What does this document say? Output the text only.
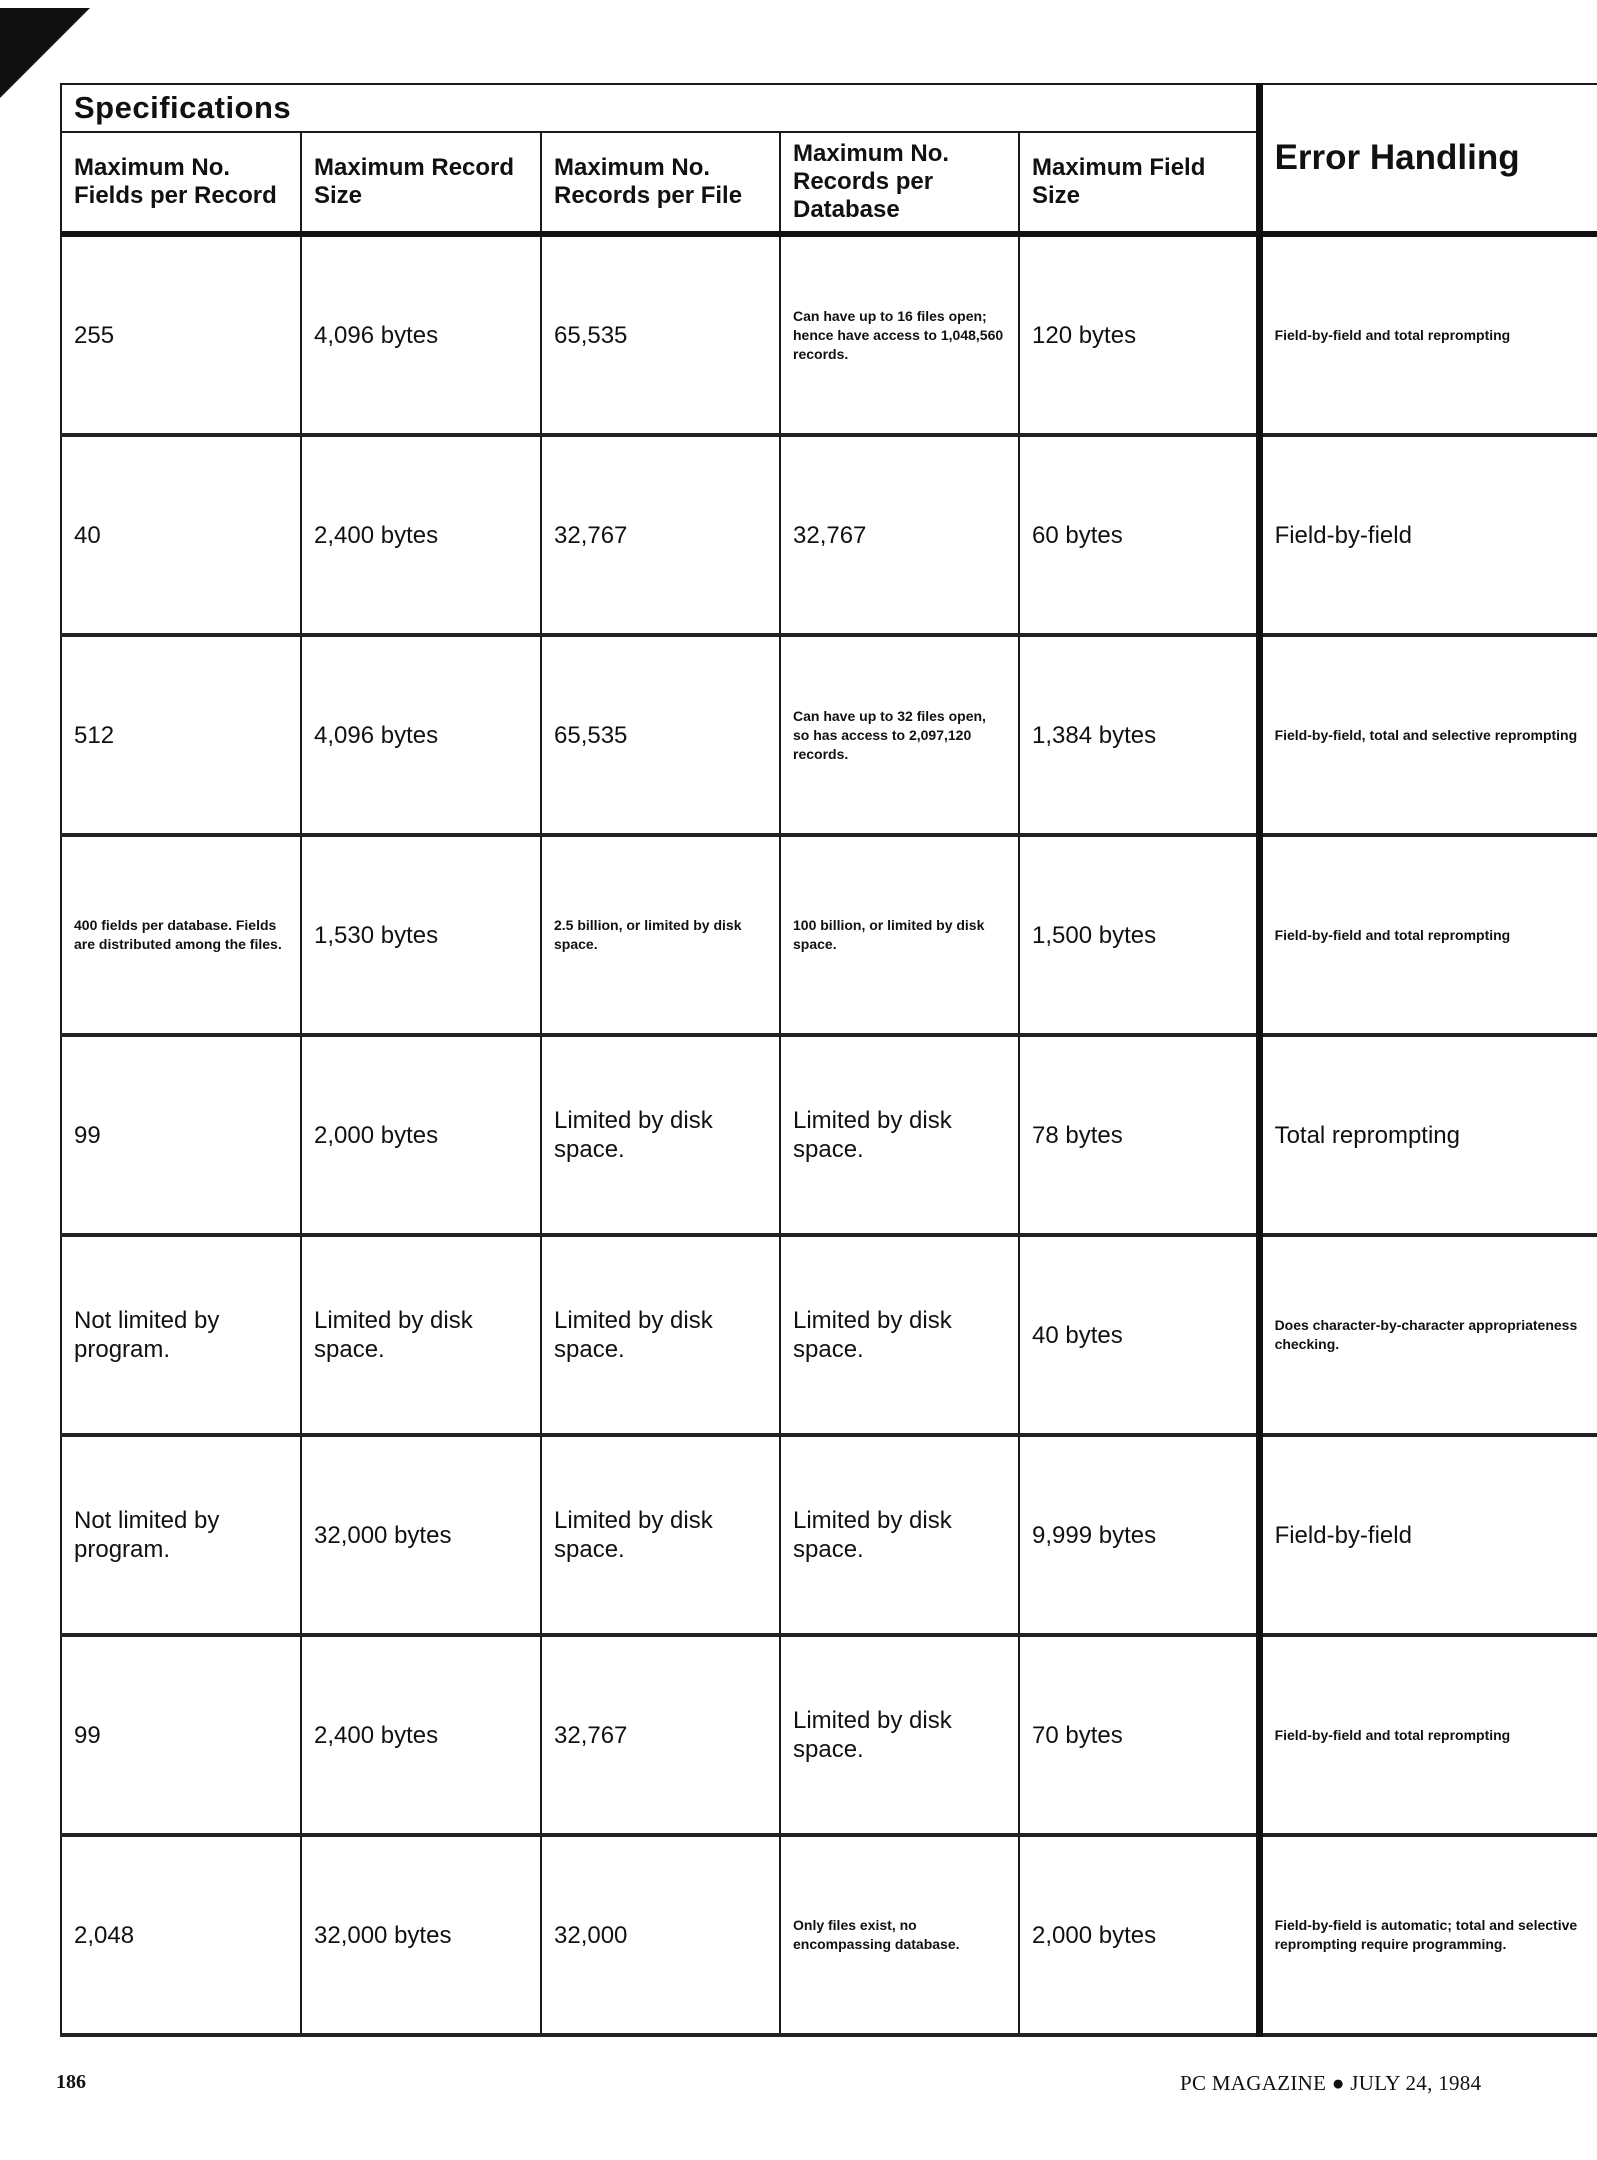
Specifications					Error Handling
Maximum No. Fields per Record	Maximum Record Size	Maximum No. Records per File	Maximum No. Records per Database	Maximum Field Size	
255	4,096 bytes	65,535	Can have up to 16 files open; hence have access to 1,048,560 records.	120 bytes	Field-by-field and total reprompting
40	2,400 bytes	32,767	32,767	60 bytes	Field-by-field
512	4,096 bytes	65,535	Can have up to 32 files open, so has access to 2,097,120 records.	1,384 bytes	Field-by-field, total and selective reprompting
400 fields per database. Fields are distributed among the files.	1,530 bytes	2.5 billion, or limited by disk space.	100 billion, or limited by disk space.	1,500 bytes	Field-by-field and total reprompting
99	2,000 bytes	Limited by disk space.	Limited by disk space.	78 bytes	Total reprompting
Not limited by program.	Limited by disk space.	Limited by disk space.	Limited by disk space.	40 bytes	Does character-by-character appropriateness checking.
Not limited by program.	32,000 bytes	Limited by disk space.	Limited by disk space.	9,999 bytes	Field-by-field
99	2,400 bytes	32,767	Limited by disk space.	70 bytes	Field-by-field and total reprompting
2,048	32,000 bytes	32,000	Only files exist, no encompassing database.	2,000 bytes	Field-by-field is automatic; total and selective reprompting require programming.
186	PC MAGAZINE ● JULY 24, 1984
